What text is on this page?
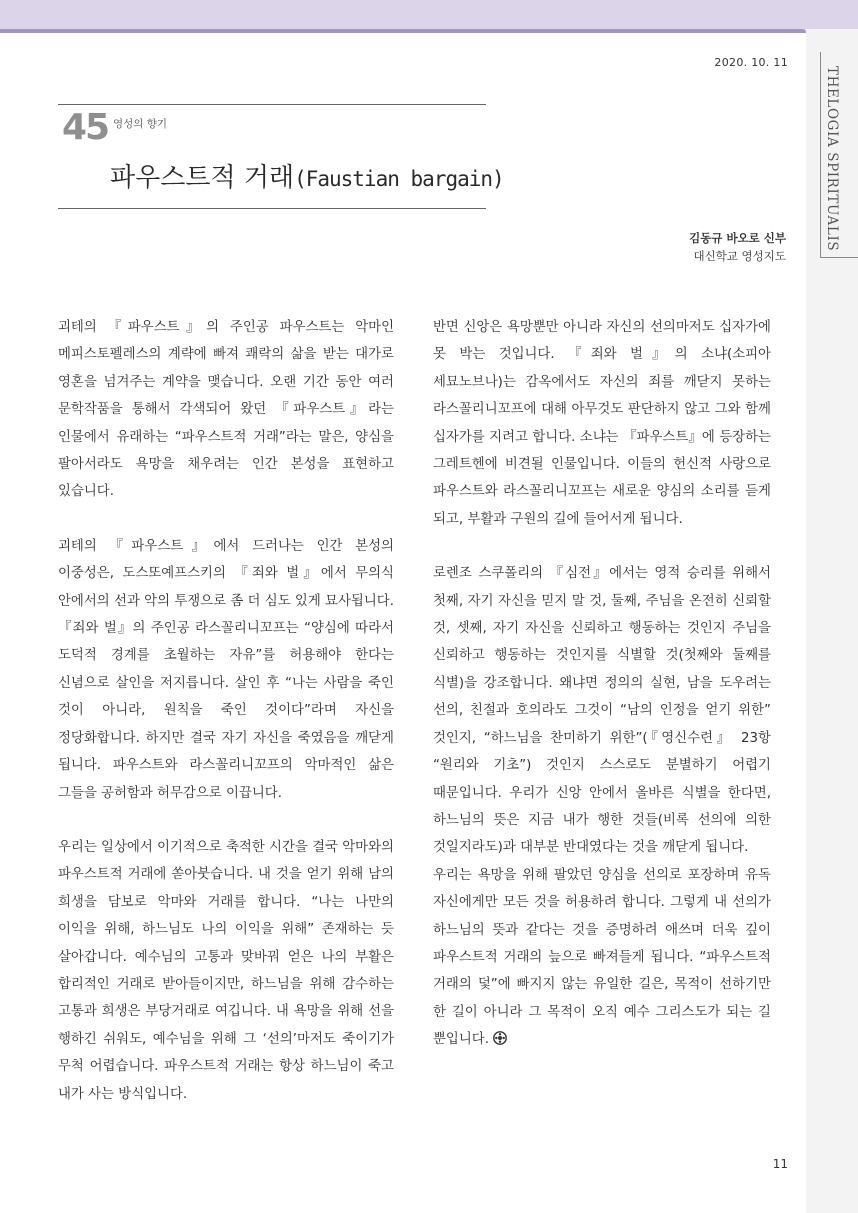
THELOGIA SPIRITUALIS
2020. 10. 11
45 영성의 향기
파우스트적 거래(Faustian bargain)
김동규 바오로 신부
대신학교 영성지도

괴테의 『파우스트』의 주인공 파우스트는 악마인 메피스토펠레스의 계략에 빠져 쾌락의 삶을 받는 대가로 영혼을 넘겨주는 계약을 맺습니다. 오랜 기간 동안 여러 문학작품을 통해서 각색되어 왔던 『파우스트』라는 인물에서 유래하는 “파우스트적 거래”라는 말은, 양심을 팔아서라도 욕망을 채우려는 인간 본성을 표현하고 있습니다.

괴테의 『파우스트』에서 드러나는 인간 본성의 이중성은, 도스또예프스키의 『죄와 벌』에서 무의식 안에서의 선과 악의 투쟁으로 좀 더 심도 있게 묘사됩니다. 『죄와 벌』의 주인공 라스꼴리니꼬프는 “양심에 따라서 도덕적 경계를 초월하는 자유”를 허용해야 한다는 신념으로 살인을 저지릅니다. 살인 후 “나는 사람을 죽인 것이 아니라, 원칙을 죽인 것이다”라며 자신을 정당화합니다. 하지만 결국 자기 자신을 죽였음을 깨닫게 됩니다. 파우스트와 라스꼴리니꼬프의 악마적인 삶은 그들을 공허함과 허무감으로 이끕니다.

우리는 일상에서 이기적으로 축적한 시간을 결국 악마와의 파우스트적 거래에 쏟아붓습니다. 내 것을 얻기 위해 남의 희생을 담보로 악마와 거래를 합니다. “나는 나만의 이익을 위해, 하느님도 나의 이익을 위해” 존재하는 듯 살아갑니다. 예수님의 고통과 맞바꿔 얻은 나의 부활은 합리적인 거래로 받아들이지만, 하느님을 위해 감수하는 고통과 희생은 부당거래로 여깁니다. 내 욕망을 위해 선을 행하긴 쉬워도, 예수님을 위해 그 ‘선의’마저도 죽이기가 무척 어렵습니다. 파우스트적 거래는 항상 하느님이 죽고 내가 사는 방식입니다.

반면 신앙은 욕망뿐만 아니라 자신의 선의마저도 십자가에 못 박는 것입니다. 『죄와 벌』의 소냐(소피아 세묘노브나)는 감옥에서도 자신의 죄를 깨닫지 못하는 라스꼴리니꼬프에 대해 아무것도 판단하지 않고 그와 함께 십자가를 지려고 합니다. 소냐는 『파우스트』에 등장하는 그레트헨에 비견될 인물입니다. 이들의 헌신적 사랑으로 파우스트와 라스꼴리니꼬프는 새로운 양심의 소리를 듣게 되고, 부활과 구원의 길에 들어서게 됩니다.

로렌조 스쿠폴리의 『심전』에서는 영적 승리를 위해서 첫째, 자기 자신을 믿지 말 것, 둘째, 주님을 온전히 신뢰할 것, 셋째, 자기 자신을 신뢰하고 행동하는 것인지 주님을 신뢰하고 행동하는 것인지를 식별할 것(첫째와 둘째를 식별)을 강조합니다. 왜냐면 정의의 실현, 남을 도우려는 선의, 친절과 호의라도 그것이 “남의 인정을 얻기 위한” 것인지, “하느님을 찬미하기 위한”(『영신수련』 23항 “원리와 기초”) 것인지 스스로도 분별하기 어렵기 때문입니다. 우리가 신앙 안에서 올바른 식별을 한다면, 하느님의 뜻은 지금 내가 행한 것들(비록 선의에 의한 것일지라도)과 대부분 반대였다는 것을 깨닫게 됩니다.

우리는 욕망을 위해 팔았던 양심을 선의로 포장하며 유독 자신에게만 모든 것을 허용하려 합니다. 그렇게 내 선의가 하느님의 뜻과 같다는 것을 증명하려 애쓰며 더욱 깊이 파우스트적 거래의 늪으로 빠져들게 됩니다. “파우스트적 거래의 덫”에 빠지지 않는 유일한 길은, 목적이 선하기만 한 길이 아니라 그 목적이 오직 예수 그리스도가 되는 길 뿐입니다.

11
